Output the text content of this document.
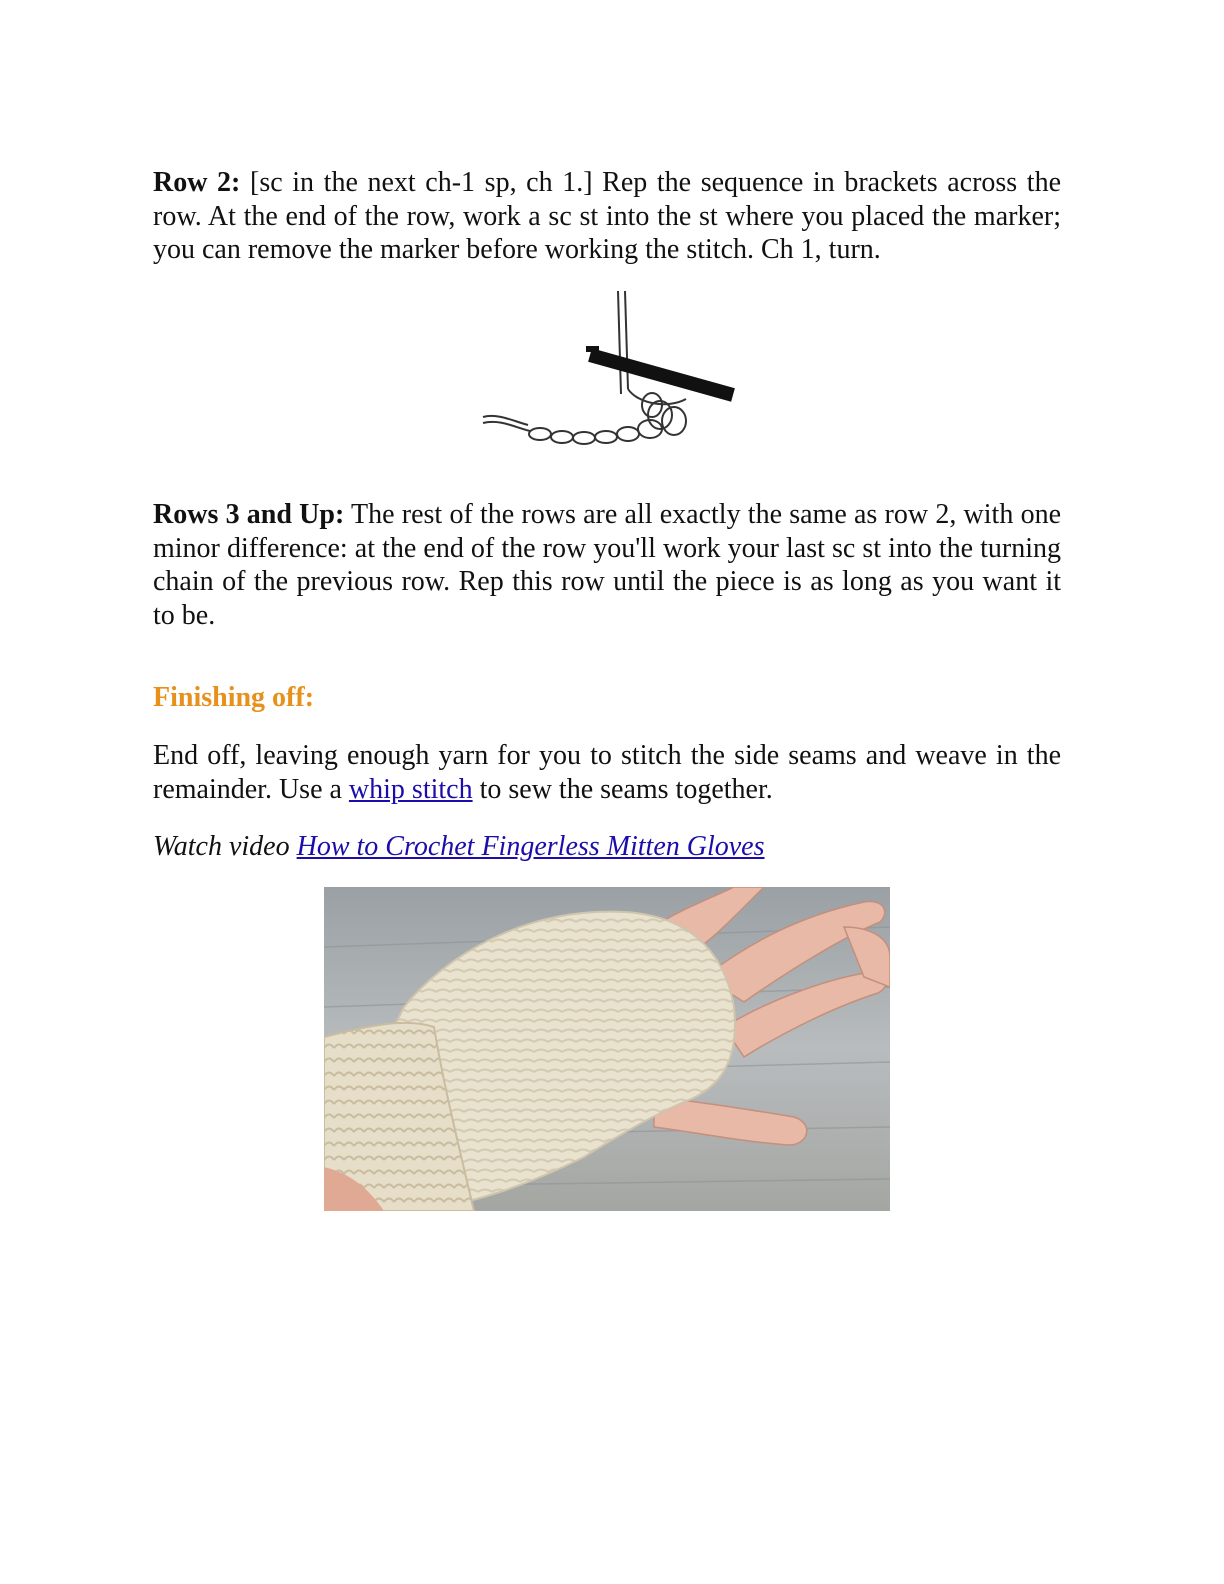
Row 2: [sc in the next ch-1 sp, ch 1.] Rep the sequence in brackets across the row. At the end of the row, work a sc st into the st where you placed the marker; you can remove the marker before working the stitch. Ch 1, turn.

Rows 3 and Up: The rest of the rows are all exactly the same as row 2, with one minor difference: at the end of the row you'll work your last sc st into the turning chain of the previous row. Rep this row until the piece is as long as you want it to be.

Finishing off:

End off, leaving enough yarn for you to stitch the side seams and weave in the remainder. Use a whip stitch to sew the seams together.

Watch video How to Crochet Fingerless Mitten Gloves
